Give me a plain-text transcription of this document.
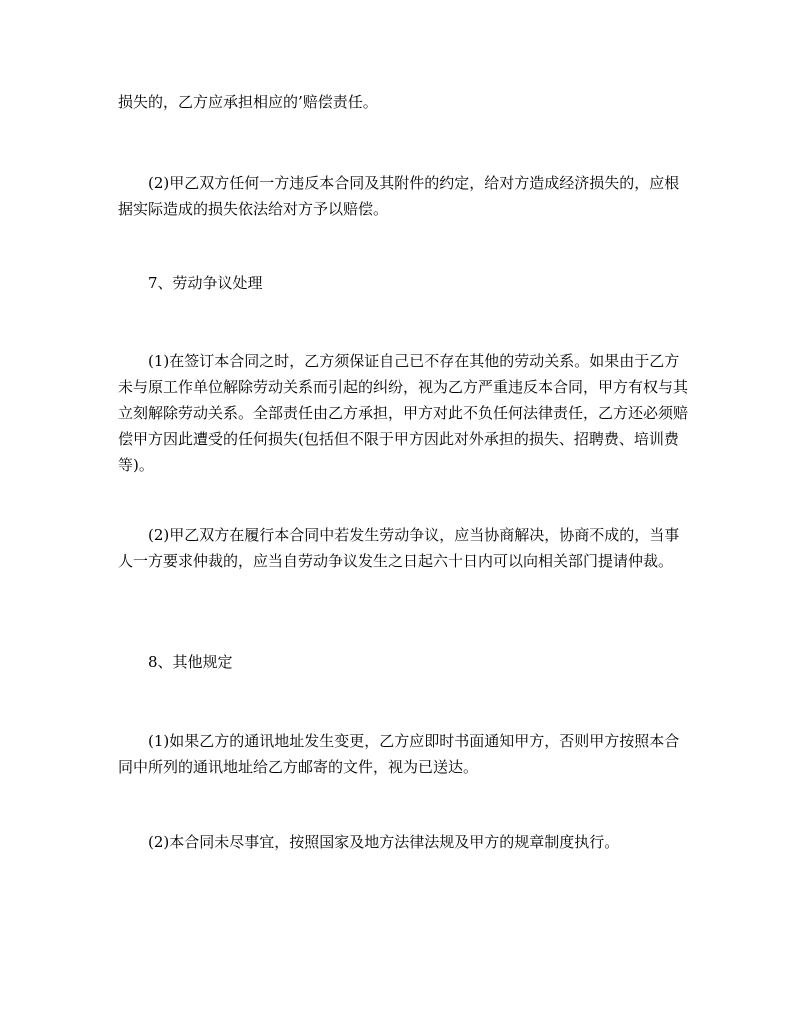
损失的，乙方应承担相应的’赔偿责任。

(2)甲乙双方任何一方违反本合同及其附件的约定，给对方造成经济损失的，应根据实际造成的损失依法给对方予以赔偿。

7、劳动争议处理

(1)在签订本合同之时，乙方须保证自己已不存在其他的劳动关系。如果由于乙方未与原工作单位解除劳动关系而引起的纠纷，视为乙方严重违反本合同，甲方有权与其立刻解除劳动关系。全部责任由乙方承担，甲方对此不负任何法律责任，乙方还必须赔偿甲方因此遭受的任何损失(包括但不限于甲方因此对外承担的损失、招聘费、培训费等)。

(2)甲乙双方在履行本合同中若发生劳动争议，应当协商解决，协商不成的，当事人一方要求仲裁的，应当自劳动争议发生之日起六十日内可以向相关部门提请仲裁。

8、其他规定

(1)如果乙方的通讯地址发生变更，乙方应即时书面通知甲方，否则甲方按照本合同中所列的通讯地址给乙方邮寄的文件，视为已送达。

(2)本合同未尽事宜，按照国家及地方法律法规及甲方的规章制度执行。
